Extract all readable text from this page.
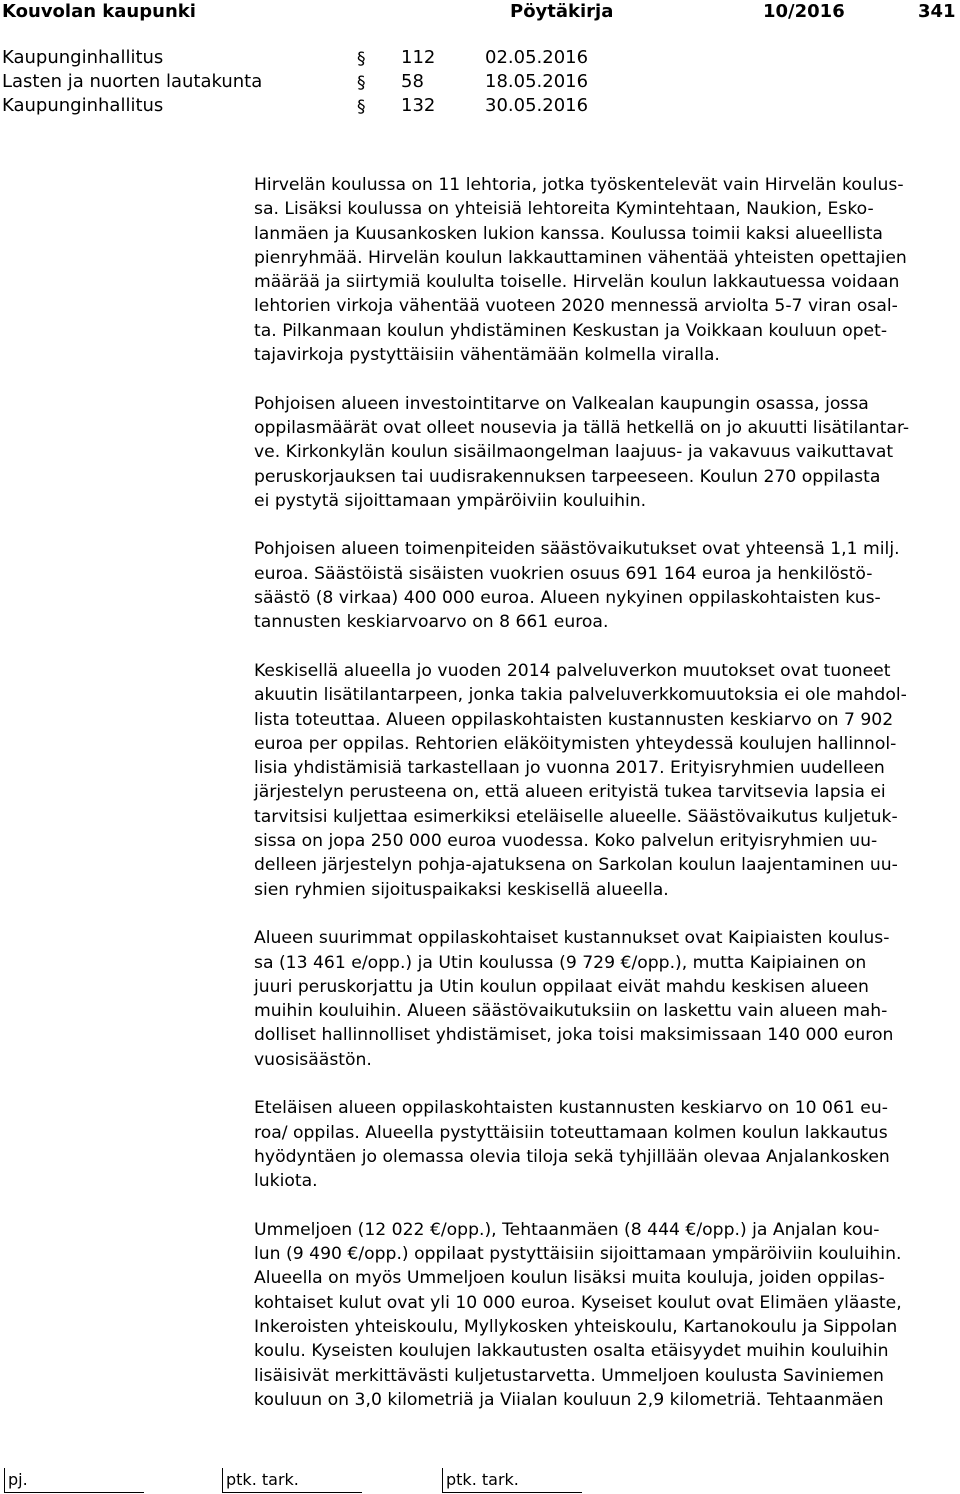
Kouvolan kaupunki	Pöytäkirja	10/2016	341
Kaupunginhallitus	§ 112	02.05.2016
Lasten ja nuorten lautakunta	§ 58	18.05.2016
Kaupunginhallitus	§ 132	30.05.2016

Hirvelän koulussa on 11 lehtoria, jotka työskentelevät vain Hirvelän koulus-
sa. Lisäksi koulussa on yhteisiä lehtoreita Kymintehtaan, Naukion, Esko-
lanmäen ja Kuusankosken lukion kanssa. Koulussa toimii kaksi alueellista
pienryhmää. Hirvelän koulun lakkauttaminen vähentää yhteisten opettajien
määrää ja siirtymiä koululta toiselle. Hirvelän koulun lakkautuessa voidaan
lehtorien virkoja vähentää vuoteen 2020 mennessä arviolta 5-7 viran osal-
ta. Pilkanmaan koulun yhdistäminen Keskustan ja Voikkaan kouluun opet-
tajavirkoja pystyttäisiin vähentämään kolmella viralla.

Pohjoisen alueen investointitarve on Valkealan kaupungin osassa, jossa
oppilasmäärät ovat olleet nousevia ja tällä hetkellä on jo akuutti lisätilantar-
ve. Kirkonkylän koulun sisäilmaongelman laajuus- ja vakavuus vaikuttavat
peruskorjauksen tai uudisrakennuksen tarpeeseen. Koulun 270 oppilasta
ei pystytä sijoittamaan ympäröiviin kouluihin.

Pohjoisen alueen toimenpiteiden säästövaikutukset ovat yhteensä 1,1 milj.
euroa. Säästöistä sisäisten vuokrien osuus 691 164 euroa ja henkilöstö-
säästö (8 virkaa) 400 000 euroa. Alueen nykyinen oppilaskohtaisten kus-
tannusten keskiarvoarvo on 8 661 euroa.

Keskisellä alueella jo vuoden 2014 palveluverkon muutokset ovat tuoneet
akuutin lisätilantarpeen, jonka takia palveluverkkomuutoksia ei ole mahdol-
lista toteuttaa. Alueen oppilaskohtaisten kustannusten keskiarvo on 7 902
euroa per oppilas. Rehtorien eläköitymisten yhteydessä koulujen hallinnol-
lisia yhdistämisiä tarkastellaan jo vuonna 2017. Erityisryhmien uudelleen
järjestelyn perusteena on, että alueen erityistä tukea tarvitsevia lapsia ei
tarvitsisi kuljettaa esimerkiksi eteläiselle alueelle. Säästövaikutus kuljetuk-
sissa on jopa 250 000 euroa vuodessa. Koko palvelun erityisryhmien uu-
delleen järjestelyn pohja-ajatuksena on Sarkolan koulun laajentaminen uu-
sien ryhmien sijoituspaikaksi keskisellä alueella.

Alueen suurimmat oppilaskohtaiset kustannukset ovat Kaipiaisten koulus-
sa (13 461 e/opp.) ja Utin koulussa (9 729 €/opp.), mutta Kaipiainen on
juuri peruskorjattu ja Utin koulun oppilaat eivät mahdu keskisen alueen
muihin kouluihin. Alueen säästövaikutuksiin on laskettu vain alueen mah-
dolliset hallinnolliset yhdistämiset, joka toisi maksimissaan 140 000 euron
vuosisäästön.

Eteläisen alueen oppilaskohtaisten kustannusten keskiarvo on 10 061 eu-
roa/ oppilas. Alueella pystyttäisiin toteuttamaan kolmen koulun lakkautus
hyödyntäen jo olemassa olevia tiloja sekä tyhjillään olevaa Anjalankosken
lukiota.

Ummeljoen (12 022 €/opp.), Tehtaanmäen (8 444 €/opp.) ja Anjalan kou-
lun (9 490 €/opp.) oppilaat pystyttäisiin sijoittamaan ympäröiviin kouluihin.
Alueella on myös Ummeljoen koulun lisäksi muita kouluja, joiden oppilas-
kohtaiset kulut ovat yli 10 000 euroa. Kyseiset koulut ovat Elimäen yläaste,
Inkeroisten yhteiskoulu, Myllykosken yhteiskoulu, Kartanokoulu ja Sippolan
koulu. Kyseisten koulujen lakkautusten osalta etäisyydet muihin kouluihin
lisäisivät merkittävästi kuljetustarvetta. Ummeljoen koulusta Saviniemen
kouluun on 3,0 kilometriä ja Viialan kouluun 2,9 kilometriä. Tehtaanmäen

pj.	ptk. tark.	ptk. tark.
